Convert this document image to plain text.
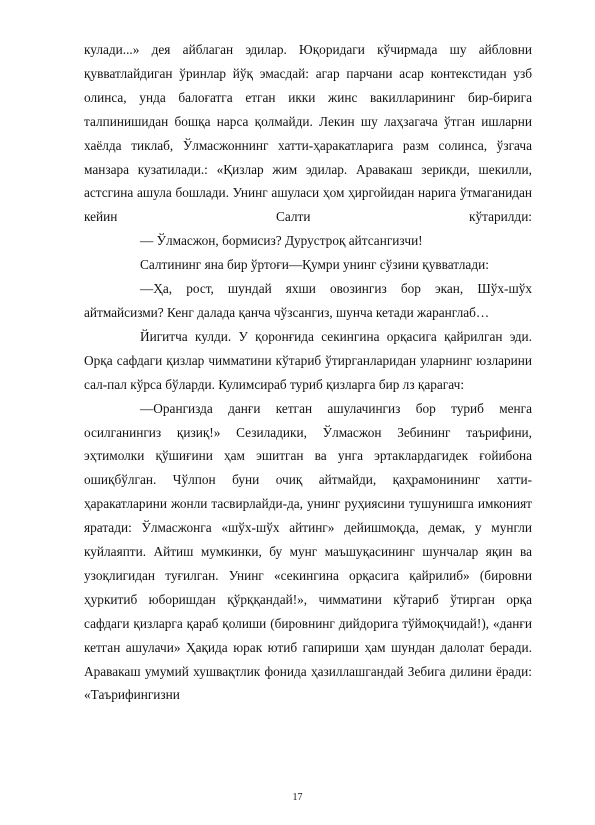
кулади...» дея айблаган эдилар. Юқоридаги кўчирмада шу айбловни қувватлайдиган ўринлар йўқ эмасдай: агар парчани асар контекстидан узб олинса, унда балоғатга етган икки жинс вакилларининг бир-бирига талпинишидан бошқа нарса қолмайди. Лекин шу лаҳзагача ўтган ишларни хаёлда тиклаб, Ўлмасжоннинг хатти-ҳаракатларига разм солинса, ўзгача манзара кузатилади.: «Қизлар жим эдилар. Аравакаш зерикди, шекилли, астсгина ашула бошлади. Унинг ашуласи ҳом ҳиргойидан нарига ўтмаганидан кейин Салти кўтарилди:

— Ўлмасжон, бормисиз? Дурустроқ айтсангизчи!

Салтининг яна бир ўртоғи—Қумри унинг сўзини қувватлади:

—Ҳа, рост, шундай яхши овозингиз бор экан, Шўх-шўх айтмайсизми? Кенг далада қанча чўзсангиз, шунча кетади жаранглаб…

Йигитча кулди. У қоронғида секингина орқасига қайрилган эди. Орқа сафдаги қизлар чимматини кўтариб ўтирганларидан уларнинг юзларини сал-пал кўрса бўларди. Кулимсираб туриб қизларга бир лз қарагач:

—Орангизда данғи кетган ашулачингиз бор туриб менга осилганингиз қизиқ!» Сезиладики, Ўлмасжон Зебининг таърифини, эҳтимолки қўшиғини ҳам эшитган ва унга эртаклардагидек ғойибона ошиқбўлган. Чўлпон буни очиқ айтмайди, қаҳрамонининг хатти-ҳаракатларини жонли тасвирлайди-да, унинг руҳиясини тушунишга имконият яратади: Ўлмасжонга «шўх-шўх айтинг» дейишмоқда, демак, у мунгли куйлаяпти. Айтиш мумкинки, бу мунг маъшуқасининг шунчалар яқин ва узоқлигидан туғилган. Унинг «секингина орқасига қайрилиб» (бировни ҳуркитиб юборишдан қўрққандай!», чимматини кўтариб ўтирган орқа сафдаги қизларга қараб қолиши (бировнинг дийдорига тўймоқчидай!), «данғи кетган ашулачи» Ҳақида юрак ютиб гапириши ҳам шундан далолат беради. Аравакаш умумий хушвақтлик фонида ҳазиллашгандай Зебига дилини ёради: «Таърифингизни

17
